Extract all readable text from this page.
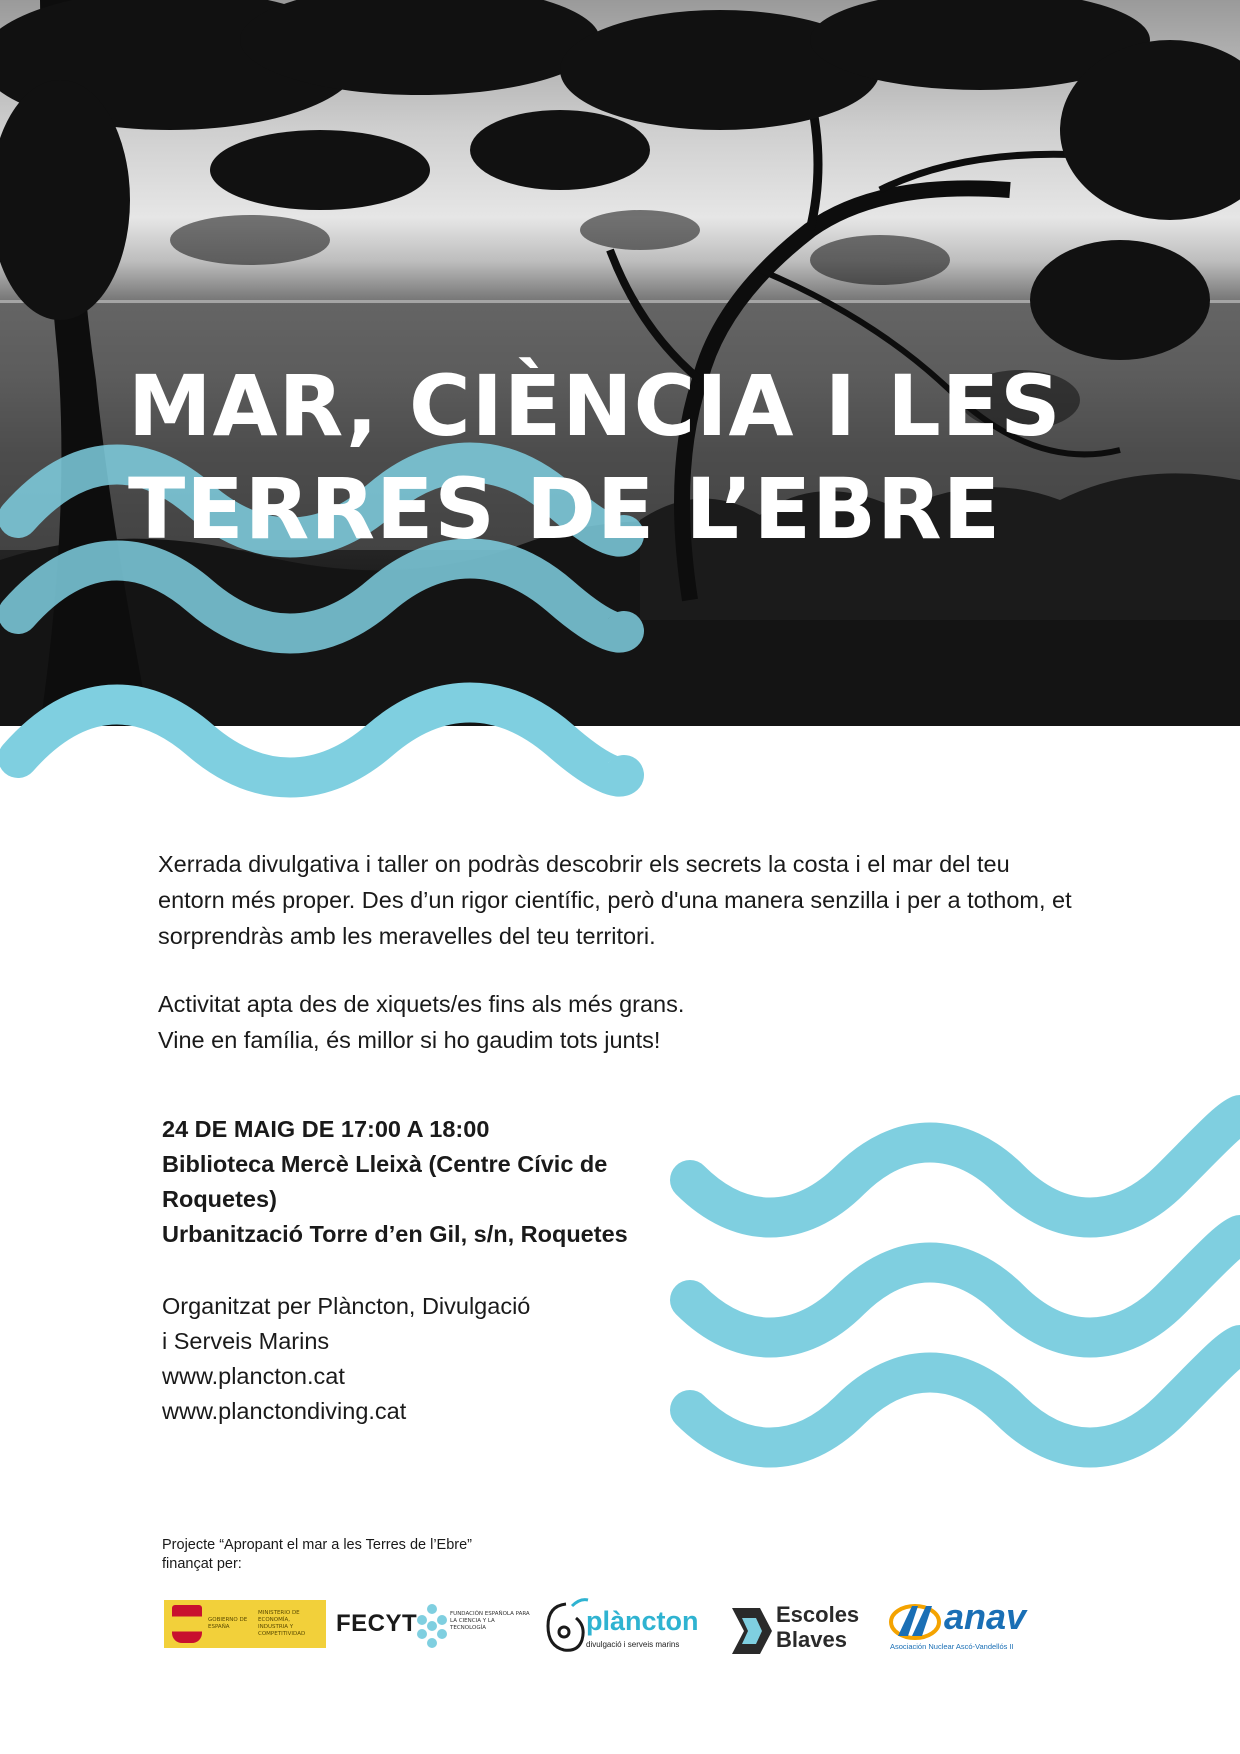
MAR, CIÈNCIA I LES
TERRES DE L’EBRE

Xerrada divulgativa i taller on podràs descobrir els secrets la costa i el mar del teu entorn més proper. Des d’un rigor científic, però d'una manera senzilla i per a tothom, et sorprendràs amb les meravelles del teu territori.

Activitat apta des de xiquets/es fins als més grans.

Vine en família, és millor si ho gaudim tots junts!

24 DE MAIG DE 17:00 A 18:00
Biblioteca Mercè Lleixà (Centre Cívic de
Roquetes)
Urbanització Torre d’en Gil, s/n, Roquetes
Organitzat per Plàncton, Divulgació
i Serveis Marins
www.plancton.cat
www.planctondiving.cat
Projecte “Apropant el mar a les Terres de l’Ebre”
finançat per:
GOBIERNO DE ESPAÑA
MINISTERIO DE ECONOMÍA, INDUSTRIA Y COMPETITIVIDAD	FECYT	FUNDACIÓN ESPAÑOLA PARA LA CIENCIA Y LA TECNOLOGÍA	plàncton
divulgació i serveis marins
Escoles
Blaves
anav
Asociación Nuclear Ascó-Vandellós II
